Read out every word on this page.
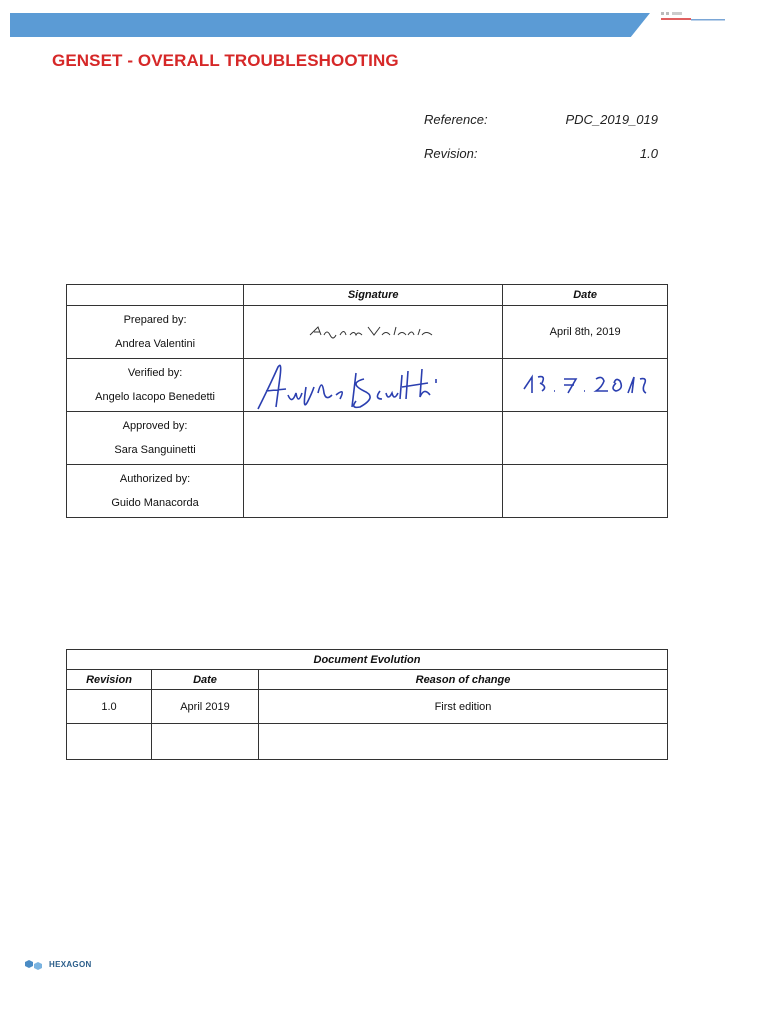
GENSET - OVERALL TROUBLESHOOTING
Reference:	PDC_2019_019
Revision:	1.0
	Signature	Date

Prepared by:
Andrea Valentini		April 8th, 2019

Verified by:
Angelo Iacopo Benedetti	

Approved by:
Sara Sanguinetti		

Authorized by:
Guido Manacorda		
Document Evolution		
Revision	Date	Reason of change
1.0	April 2019	First edition

HEXAGON
